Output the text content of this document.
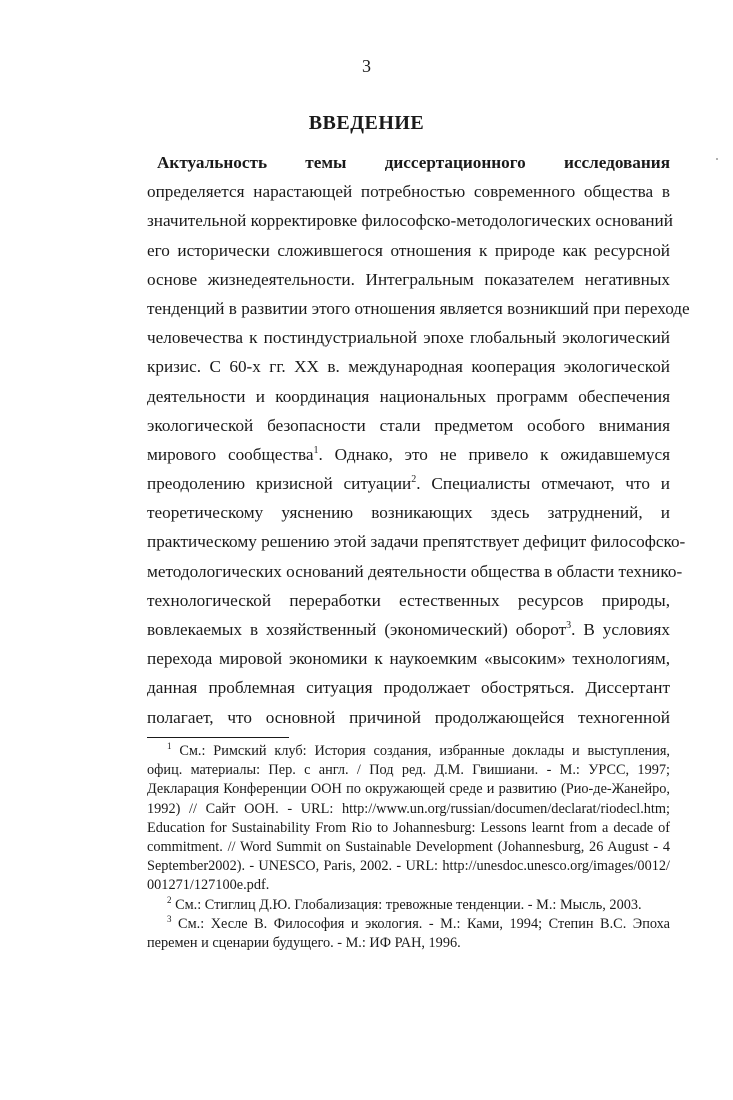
3
ВВЕДЕНИЕ
Актуальность темы диссертационного исследования
определяется нарастающей потребностью современного общества в
значительной корректировке философско-методологических оснований
его исторически сложившегося отношения к природе как ресурсной
основе жизнедеятельности. Интегральным показателем негативных
тенденций в развитии этого отношения является возникший при переходе
человечества к постиндустриальной эпохе глобальный экологический
кризис. С 60-х гг. XX в. международная кооперация экологической
деятельности и координация национальных программ обеспечения
экологической безопасности стали предметом особого внимания
мирового сообщества$^1$. Однако, это не привело к ожидавшемуся
преодолению кризисной ситуации$^2$. Специалисты отмечают, что и
теоретическому уяснению возникающих здесь затруднений, и
практическому решению этой задачи препятствует дефицит философско-
методологических оснований деятельности общества в области технико-
технологической переработки естественных ресурсов природы,
вовлекаемых в хозяйственный (экономический) оборот$^3$. В условиях
перехода мировой экономики к наукоемким «высоким» технологиям,
данная проблемная ситуация продолжает обостряться. Диссертант
полагает, что основной причиной продолжающейся техногенной
$^1$ См.: Римский клуб: История создания, избранные доклады и выступления,
офиц. материалы: Пер. с англ. / Под ред. Д.М. Гвишиани. - М.: УРСС, 1997;
Декларация Конференции ООН по окружающей среде и развитию (Рио-де-Жанейро,
1992) // Сайт ООН. - URL: http://www.un.org/russian/documen/declarat/riodecl.htm;
Education for Sustainability From Rio to Johannesburg: Lessons learnt from a decade of
commitment. // Word Summit on Sustainable Development (Johannesburg, 26 August - 4
September2002). - UNESCO, Paris, 2002. - URL: http://unesdoc.unesco.org/images/0012/
001271/127100e.pdf.
$^2$ См.: Стиглиц Д.Ю. Глобализация: тревожные тенденции. - М.: Мысль, 2003.
$^3$ См.: Хесле В. Философия и экология. - М.: Ками, 1994; Степин В.С. Эпоха
перемен и сценарии будущего. - М.: ИФ РАН, 1996.
